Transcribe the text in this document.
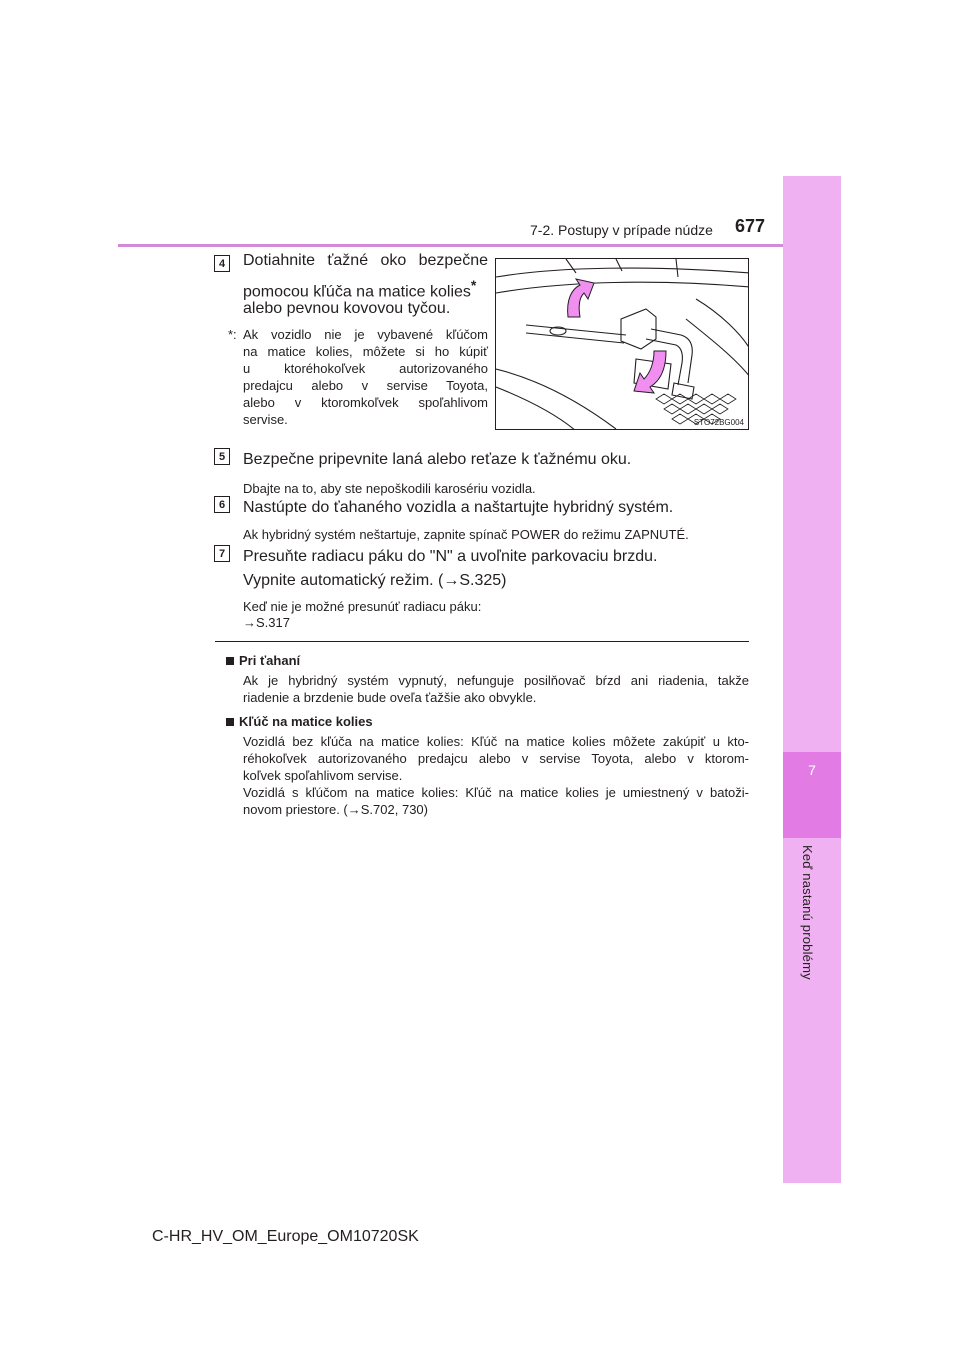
7
Keď nastanú problémy
7-2. Postupy v prípade núdze 677
4	Dotiahnite ťažné oko bezpečne
pomocou kľúča na matice kolies*
alebo pevnou kovovou tyčou.
*: Ak vozidlo nie je vybavené kľúčom
na matice kolies, môžete si ho kúpiť
u ktoréhokoľvek autorizovaného
predajcu alebo v servise Toyota,
alebo v ktoromkoľvek spoľahlivom
servise.	STO72BG004
5	Bezpečne pripevnite laná alebo reťaze k ťažnému oku.
Dbajte na to, aby ste nepoškodili karosériu vozidla.
6	Nastúpte do ťahaného vozidla a naštartujte hybridný systém.
Ak hybridný systém neštartuje, zapnite spínač POWER do režimu ZAPNUTÉ.
7	Presuňte radiacu páku do "N" a uvoľnite parkovaciu brzdu.
Vypnite automatický režim. (→S.325)
Keď nie je možné presunúť radiacu páku:
→S.317
Pri ťahaní
Ak je hybridný systém vypnutý, nefunguje posilňovač bŕzd ani riadenia, takže
riadenie a brzdenie bude oveľa ťažšie ako obvykle.
Kľúč na matice kolies
Vozidlá bez kľúča na matice kolies: Kľúč na matice kolies môžete zakúpiť u kto-
réhokoľvek autorizovaného predajcu alebo v servise Toyota, alebo v ktorom-
koľvek spoľahlivom servise.
Vozidlá s kľúčom na matice kolies: Kľúč na matice kolies je umiestnený v batoži-
novom priestore. (→S.702, 730)
C-HR_HV_OM_Europe_OM10720SK
